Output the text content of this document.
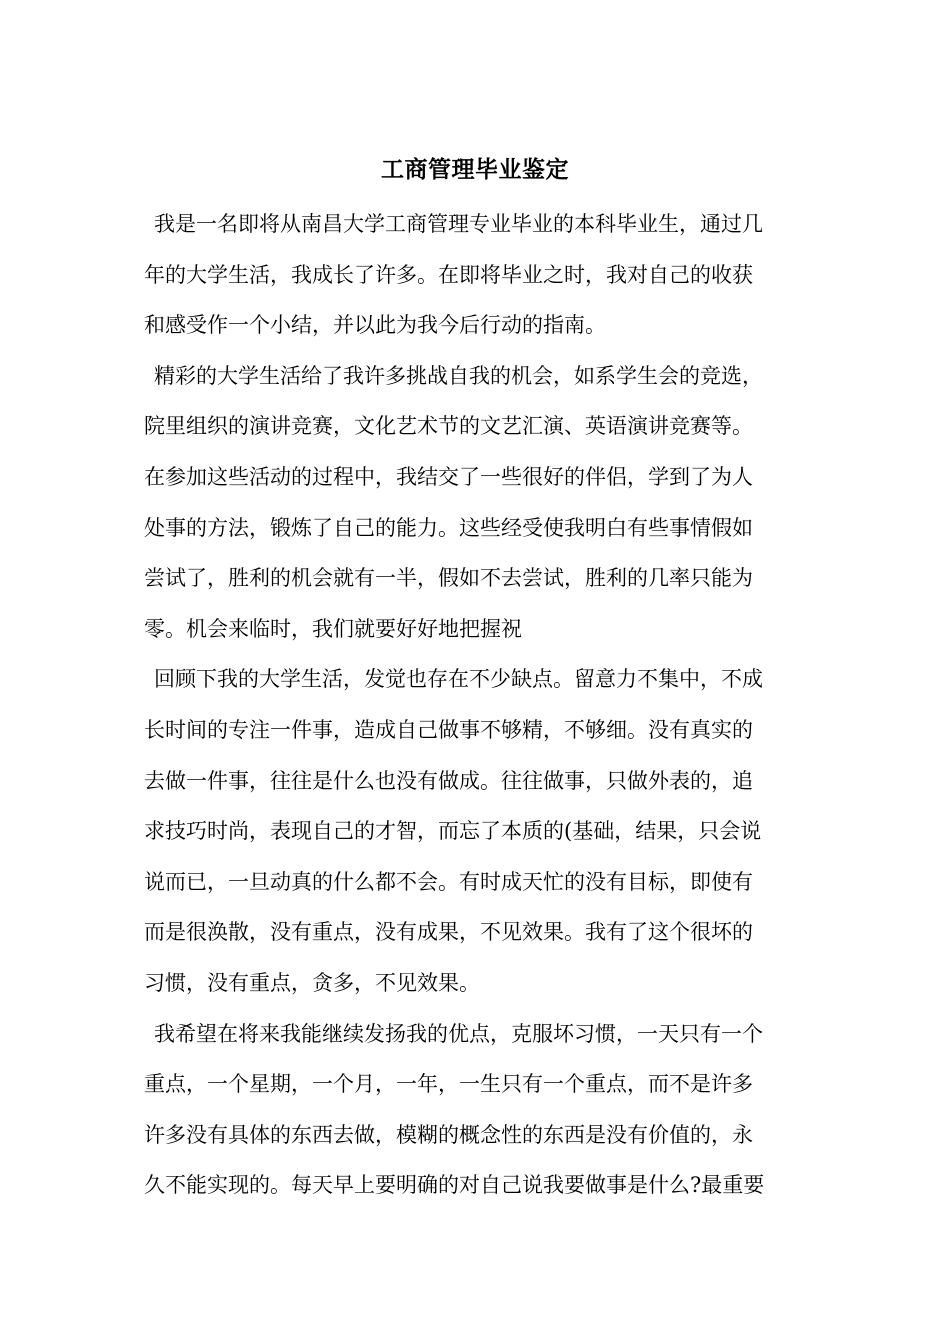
工商管理毕业鉴定
我是一名即将从南昌大学工商管理专业毕业的本科毕业生，通过几
年的大学生活，我成长了许多。在即将毕业之时，我对自己的收获
和感受作一个小结，并以此为我今后行动的指南。
精彩的大学生活给了我许多挑战自我的机会，如系学生会的竞选，
院里组织的演讲竞赛，文化艺术节的文艺汇演、英语演讲竞赛等。
在参加这些活动的过程中，我结交了一些很好的伴侣，学到了为人
处事的方法，锻炼了自己的能力。这些经受使我明白有些事情假如
尝试了，胜利的机会就有一半，假如不去尝试，胜利的几率只能为
零。机会来临时，我们就要好好地把握祝
回顾下我的大学生活，发觉也存在不少缺点。留意力不集中，不成
长时间的专注一件事，造成自己做事不够精，不够细。没有真实的
去做一件事，往往是什么也没有做成。往往做事，只做外表的，追
求技巧时尚，表现自己的才智，而忘了本质的(基础，结果，只会说
说而已，一旦动真的什么都不会。有时成天忙的没有目标，即使有
而是很涣散，没有重点，没有成果，不见效果。我有了这个很坏的
习惯，没有重点，贪多，不见效果。
我希望在将来我能继续发扬我的优点，克服坏习惯，一天只有一个
重点，一个星期，一个月，一年，一生只有一个重点，而不是许多
许多没有具体的东西去做，模糊的概念性的东西是没有价值的，永
久不能实现的。每天早上要明确的对自己说我要做事是什么?最重要
